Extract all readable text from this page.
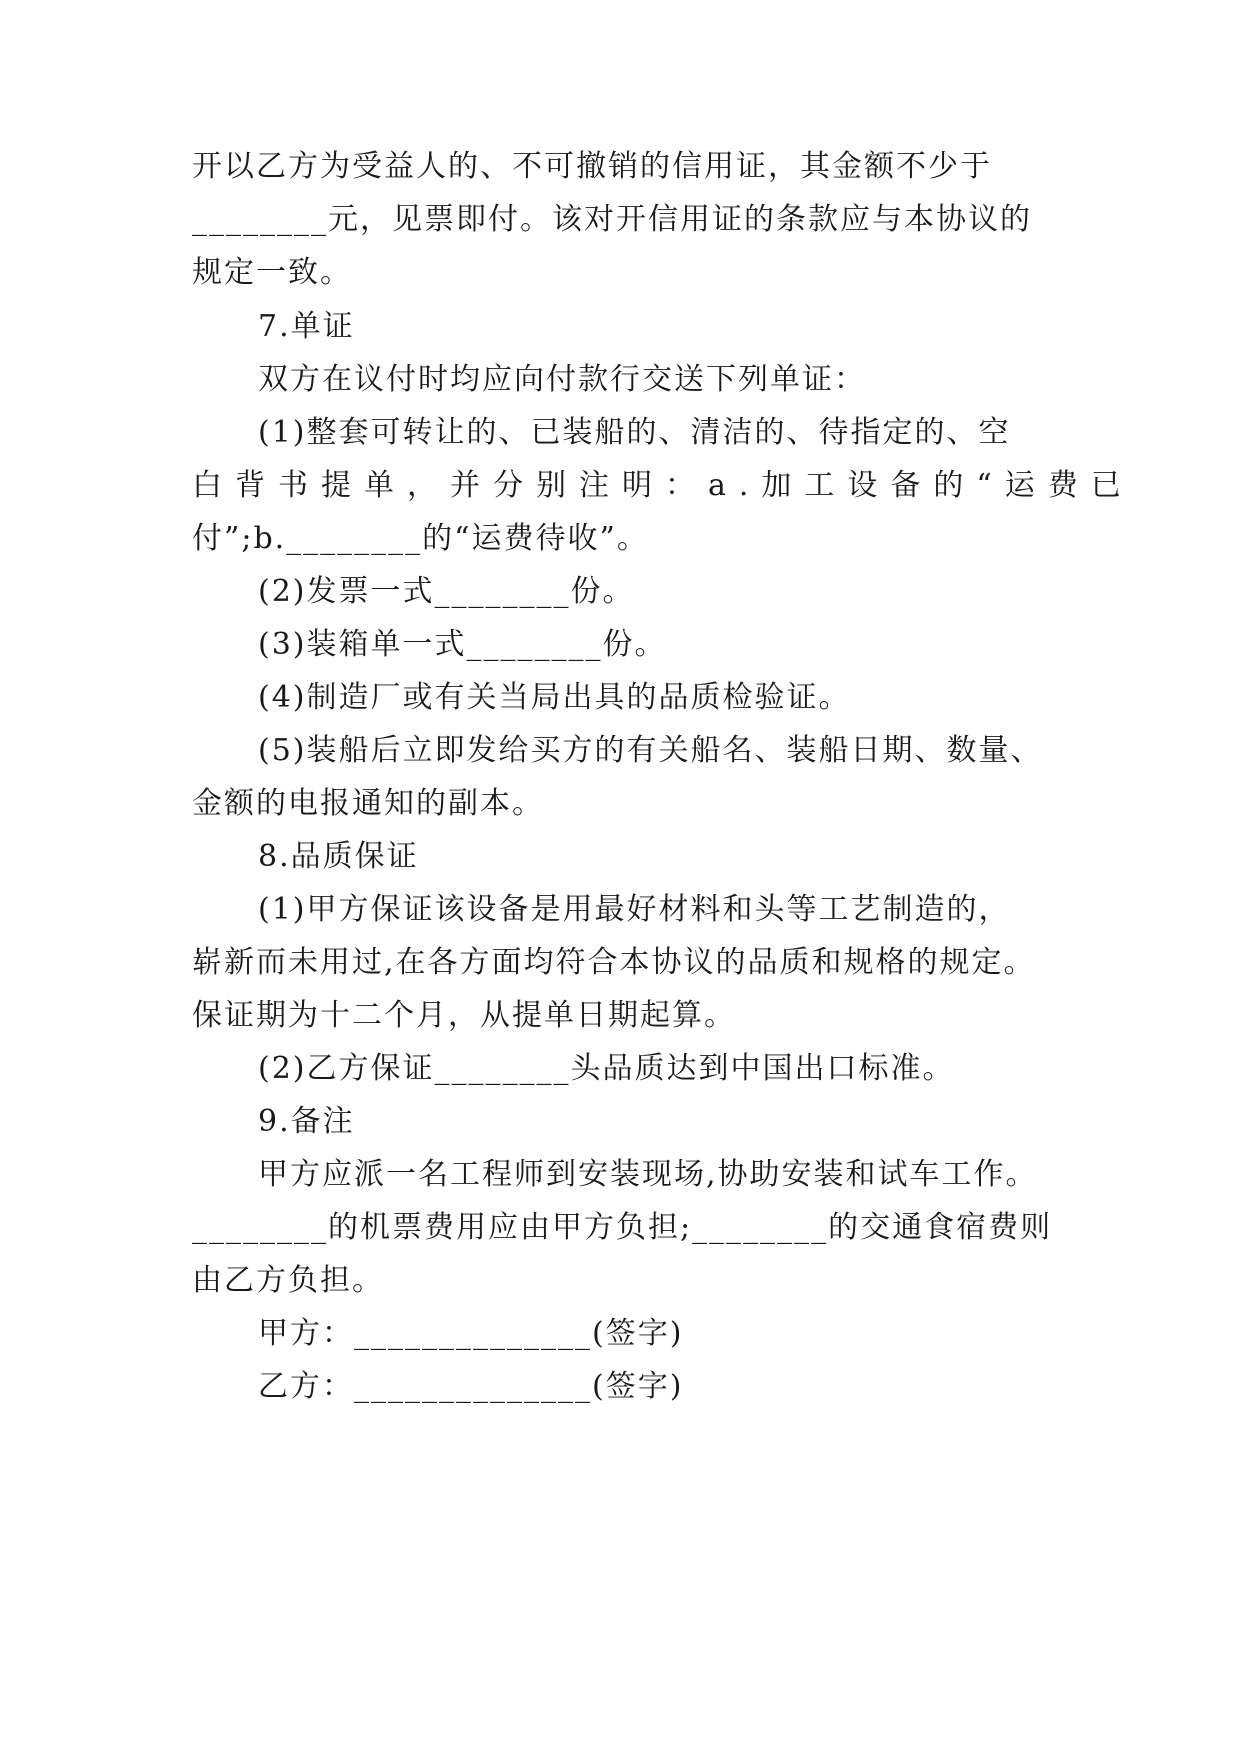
开以乙方为受益人的、不可撤销的信用证，其金额不少于
________元，见票即付。该对开信用证的条款应与本协议的
规定一致。
7.单证
双方在议付时均应向付款行交送下列单证：
(1)整套可转让的、已装船的、清洁的、待指定的、空
白背书提单，并分别注明：a.加工设备的“运费已
付”;b.________的“运费待收”。
(2)发票一式________份。
(3)装箱单一式________份。
(4)制造厂或有关当局出具的品质检验证。
(5)装船后立即发给买方的有关船名、装船日期、数量、
金额的电报通知的副本。
8.品质保证
(1)甲方保证该设备是用最好材料和头等工艺制造的，
崭新而未用过,在各方面均符合本协议的品质和规格的规定。
保证期为十二个月，从提单日期起算。
(2)乙方保证________头品质达到中国出口标准。
9.备注
甲方应派一名工程师到安装现场,协助安装和试车工作。
________的机票费用应由甲方负担;________的交通食宿费则
由乙方负担。
甲方：______________(签字)
乙方：______________(签字)
